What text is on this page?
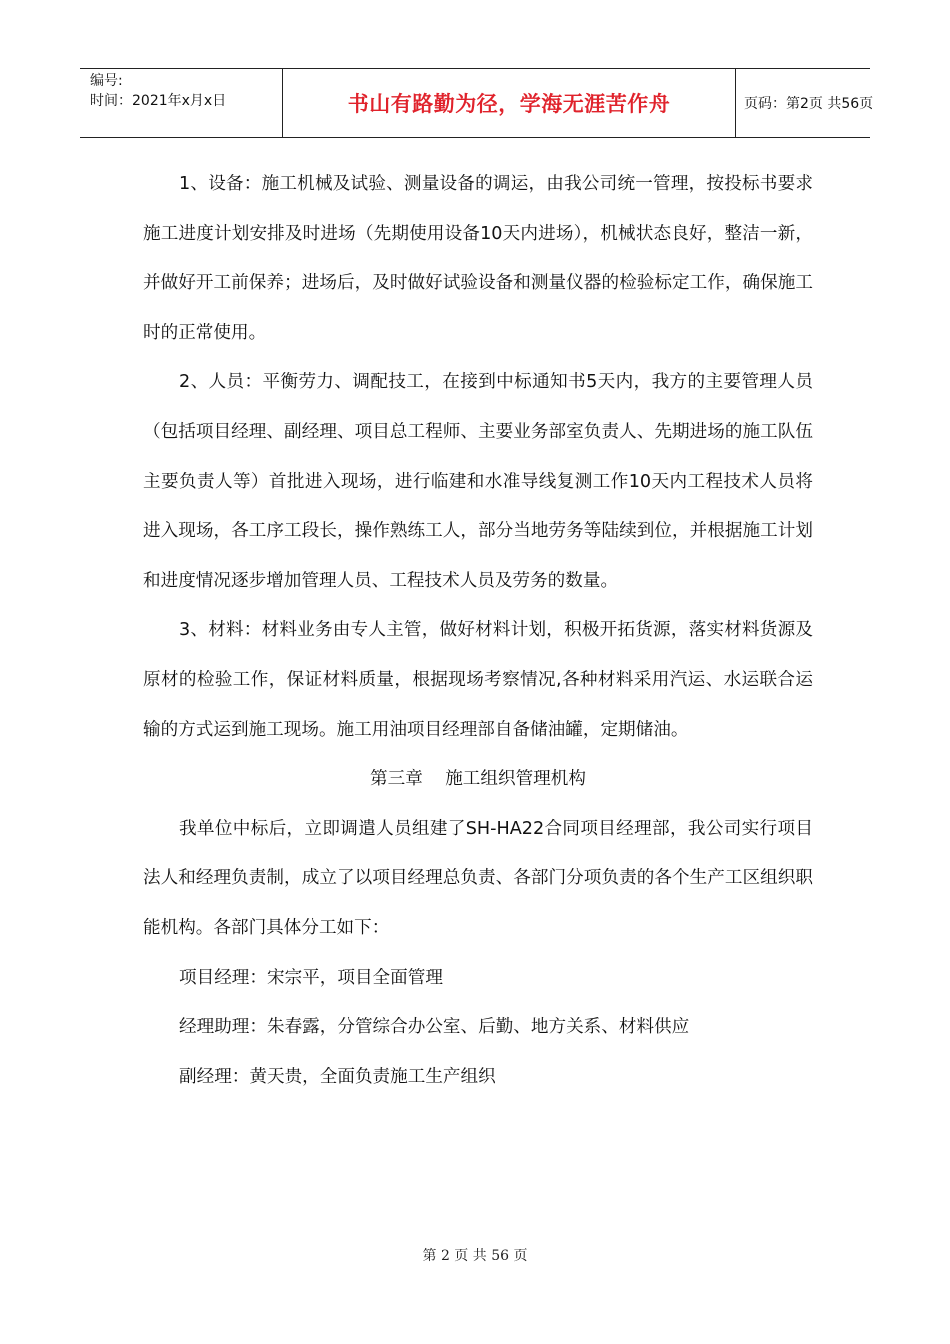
编号:
时间：2021年x月x日	书山有路勤为径，学海无涯苦作舟	页码：第2页 共56页

1、设备：施工机械及试验、测量设备的调运，由我公司统一管理，按投标书要求施工进度计划安排及时进场（先期使用设备10天内进场），机械状态良好，整洁一新，并做好开工前保养；进场后，及时做好试验设备和测量仪器的检验标定工作，确保施工时的正常使用。

2、人员：平衡劳力、调配技工，在接到中标通知书5天内，我方的主要管理人员（包括项目经理、副经理、项目总工程师、主要业务部室负责人、先期进场的施工队伍主要负责人等）首批进入现场，进行临建和水准导线复测工作10天内工程技术人员将进入现场，各工序工段长，操作熟练工人，部分当地劳务等陆续到位，并根据施工计划和进度情况逐步增加管理人员、工程技术人员及劳务的数量。

3、材料：材料业务由专人主管，做好材料计划，积极开拓货源，落实材料货源及原材的检验工作，保证材料质量，根据现场考察情况,各种材料采用汽运、水运联合运输的方式运到施工现场。施工用油项目经理部自备储油罐，定期储油。

第三章    施工组织管理机构

我单位中标后，立即调遣人员组建了SH-HA22合同项目经理部，我公司实行项目法人和经理负责制，成立了以项目经理总负责、各部门分项负责的各个生产工区组织职能机构。各部门具体分工如下：

项目经理：宋宗平，项目全面管理

经理助理：朱春露，分管综合办公室、后勤、地方关系、材料供应

副经理：黄天贵，全面负责施工生产组织

第 2 页 共 56 页
